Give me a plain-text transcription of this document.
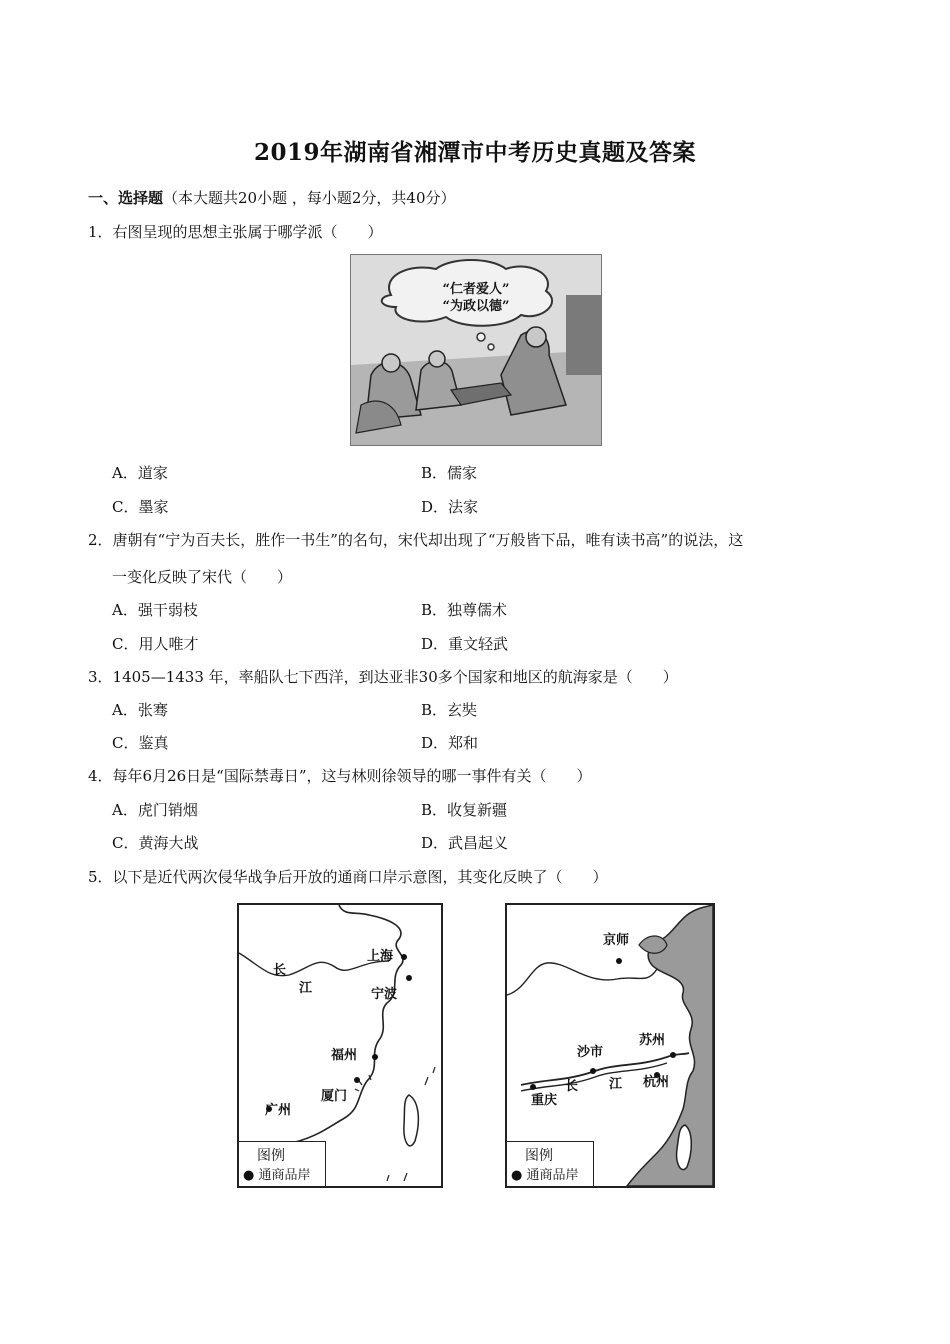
2019年湖南省湘潭市中考历史真题及答案
一、选择题（本大题共20小题 ，每小题2分，共40分）
1．右图呈现的思想主张属于哪学派（　　）
“仁者爱人”
“为政以德”
A．道家	B．儒家
C．墨家	D．法家
2．唐朝有“宁为百夫长，胜作一书生”的名句，宋代却出现了“万般皆下品，唯有读书高”的说法，这
一变化反映了宋代（　　）
A．强干弱枝	B．独尊儒术
C．用人唯才	D．重文轻武
3．1405—1433 年，率船队七下西洋，到达亚非30多个国家和地区的航海家是（　　）
A．张骞	B．玄奘
C．鉴真	D．郑和
4．每年6月26日是“国际禁毒日”，这与林则徐领导的哪一事件有关（　　）
A．虎门销烟	B．收复新疆
C．黄海大战	D．武昌起义
5．以下是近代两次侵华战争后开放的通商口岸示意图，其变化反映了（　　）
上海
宁波
福州
厦门
广州
长
江
图例
● 通商品岸
京师
沙市
苏州
重庆
长 江 杭州
图例
● 通商品岸
